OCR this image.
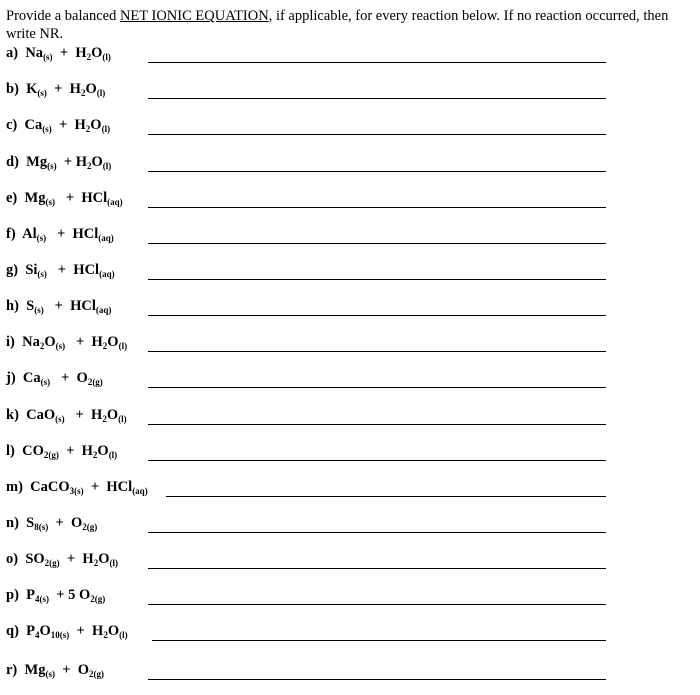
Provide a balanced NET IONIC EQUATION, if applicable, for every reaction below. If no reaction occurred, then write NR.
a)  $Na_{(s)} + H_2O_{(l)}$
b)  $K_{(s)} + H_2O_{(l)}$
c)  $Ca_{(s)} + H_2O_{(l)}$
d)  $Mg_{(s)} + H_2O_{(l)}$
e)  $Mg_{(s)} + HCl_{(aq)}$
f)  $Al_{(s)} + HCl_{(aq)}$
g)  $Si_{(s)} + HCl_{(aq)}$
h)  $S_{(s)} + HCl_{(aq)}$
i)  $Na_2O_{(s)} + H_2O_{(l)}$
j)  $Ca_{(s)} + O_{2(g)}$
k)  $CaO_{(s)} + H_2O_{(l)}$
l)  $CO_{2(g)} + H_2O_{(l)}$
m)  CaCO$_{3(s)}$  +  HCl$_{(aq)}$
n)  $S_{8(s)} + O_{2(g)}$
o)  $SO_{2(g)} + H_2O_{(l)}$
p)  $P_{4(s)} + 5$ $O_{2(g)}$
q)  $P_4O_{10(s)} + H_2O_{(l)}$
r)  $Mg_{(s)} + O_{2(g)}$
